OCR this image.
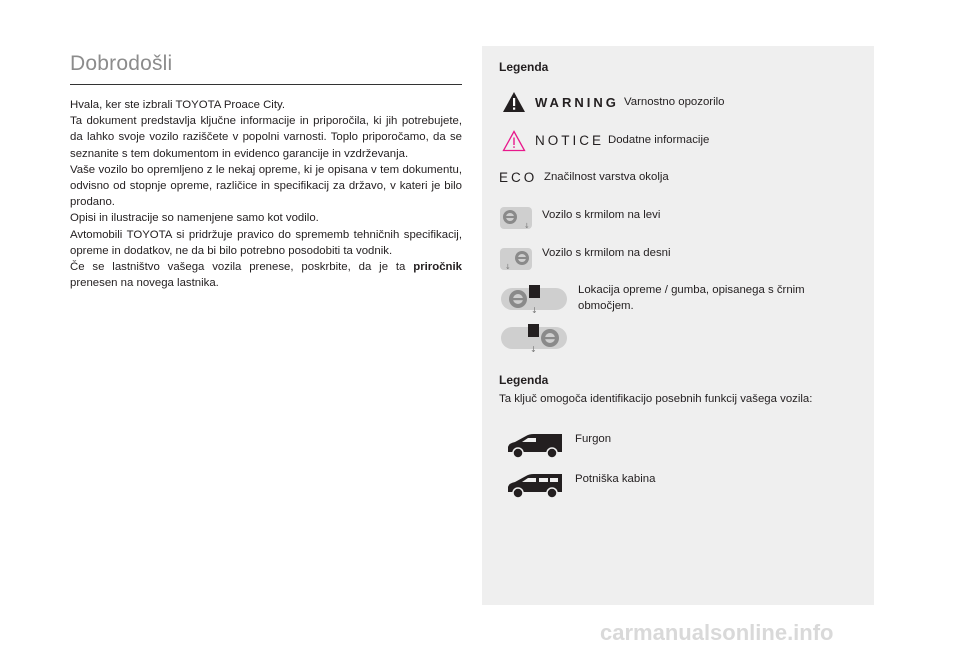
Dobrodošli

Hvala, ker ste izbrali TOYOTA Proace City.

Ta dokument predstavlja ključne informacije in priporočila, ki jih potrebujete, da lahko svoje vozilo raziščete v popolni varnosti. Toplo priporočamo, da se seznanite s tem dokumentom in evidenco garancije in vzdrževanja.

Vaše vozilo bo opremljeno z le nekaj opreme, ki je opisana v tem dokumentu, odvisno od stopnje opreme, različice in specifikacij za državo, v kateri je bilo prodano.

Opisi in ilustracije so namenjene samo kot vodilo.

Avtomobili TOYOTA si pridržuje pravico do sprememb tehničnih specifikacij, opreme in dodatkov, ne da bi bilo potrebno posodobiti ta vodnik.

Če se lastništvo vašega vozila prenese, poskrbite, da je ta priročnik prenesen na novega lastnika.

Legenda
WARNING Varnostno opozorilo
NOTICE Dodatne informacije
ECO Značilnost varstva okolja
↓
Vozilo s krmilom na levi
↓
Vozilo s krmilom na desni
↓
↓
Lokacija opreme / gumba, opisanega s črnim območjem.
Legenda
Ta ključ omogoča identifikacijo posebnih funkcij vašega vozila:
Furgon
Potniška kabina
carmanualsonline.info
